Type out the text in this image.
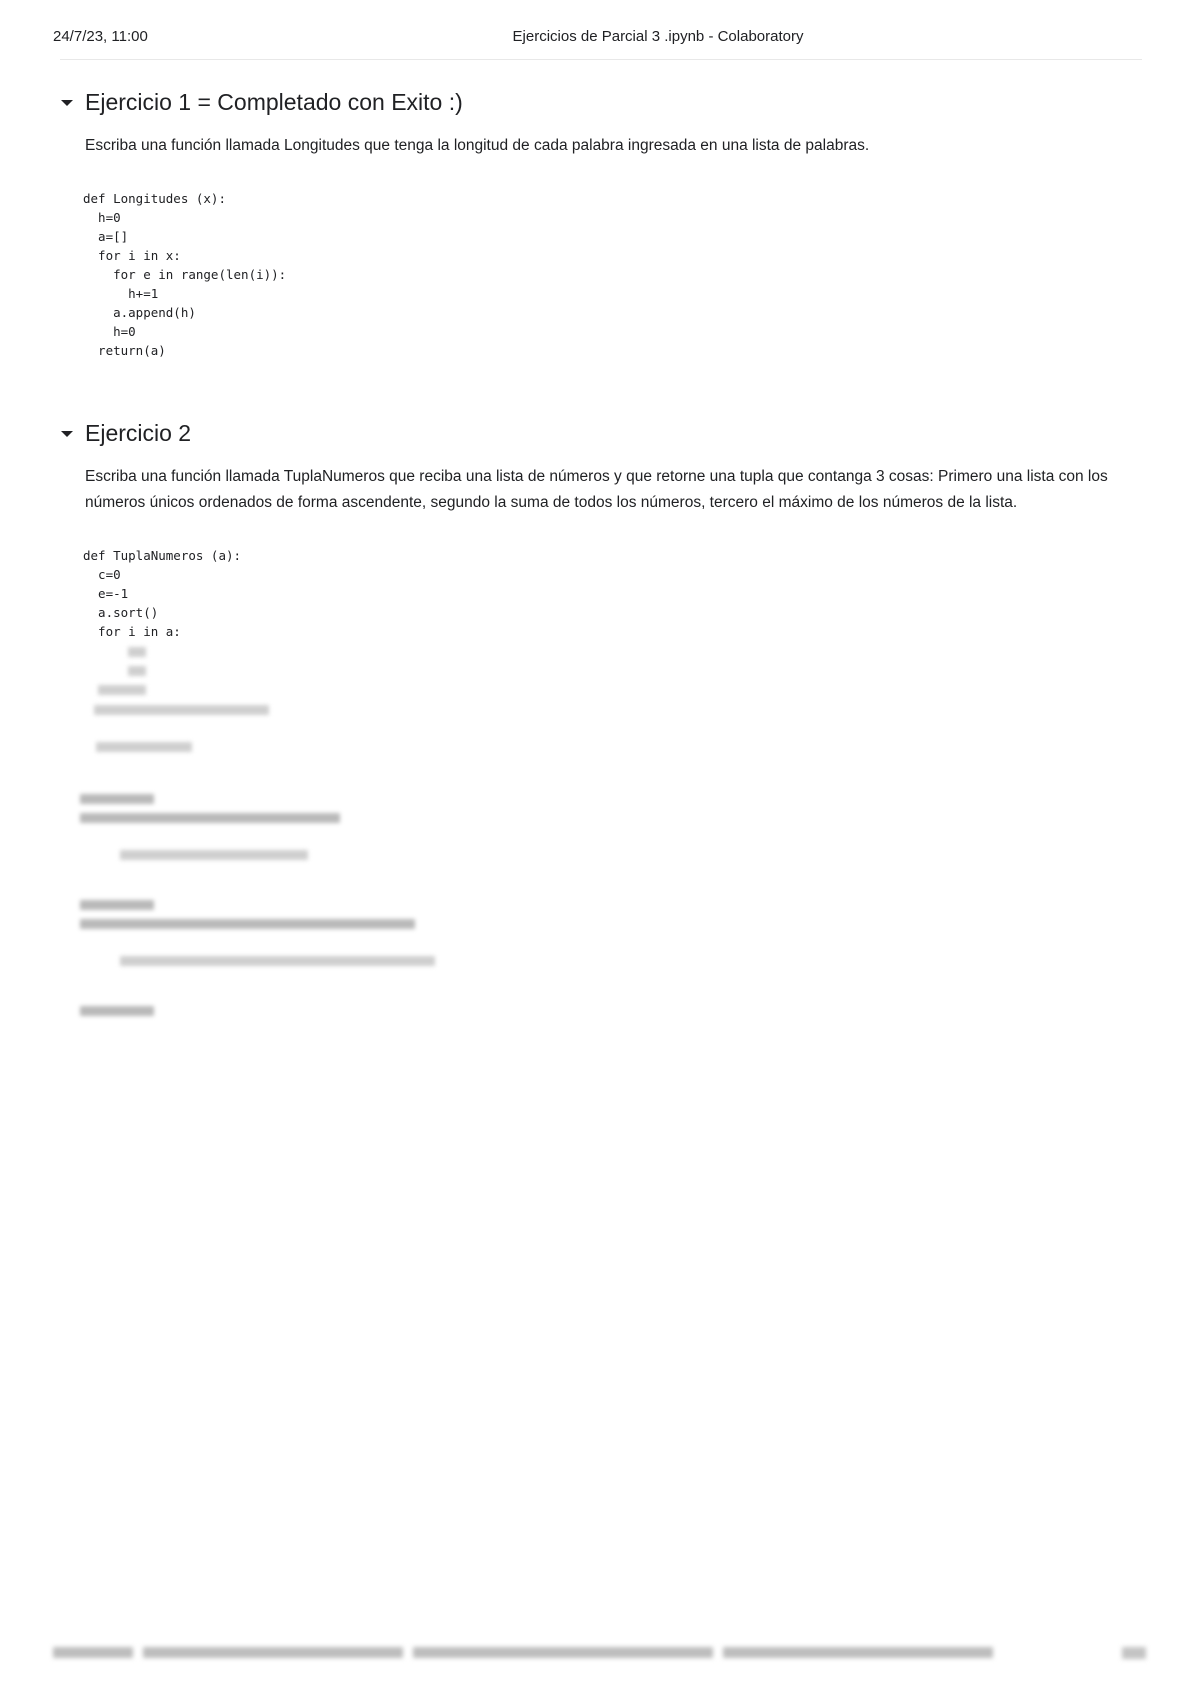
24/7/23, 11:00	Ejercicios de Parcial 3 .ipynb - Colaboratory
Ejercicio 1 = Completado con Exito :)
Escriba una función llamada Longitudes que tenga la longitud de cada palabra ingresada en una lista de palabras.
def Longitudes (x):
h=0
a=[]
for i in x:
for e in range(len(i)):
h+=1
a.append(h)
h=0
return(a)
Ejercicio 2
Escriba una función llamada TuplaNumeros que reciba una lista de números y que retorne una tupla que contanga 3 cosas: Primero una lista con los números únicos ordenados de forma ascendente, segundo la suma de todos los números, tercero el máximo de los números de la lista.
def TuplaNumeros (a):
c=0
e=-1
a.sort()
for i in a:
